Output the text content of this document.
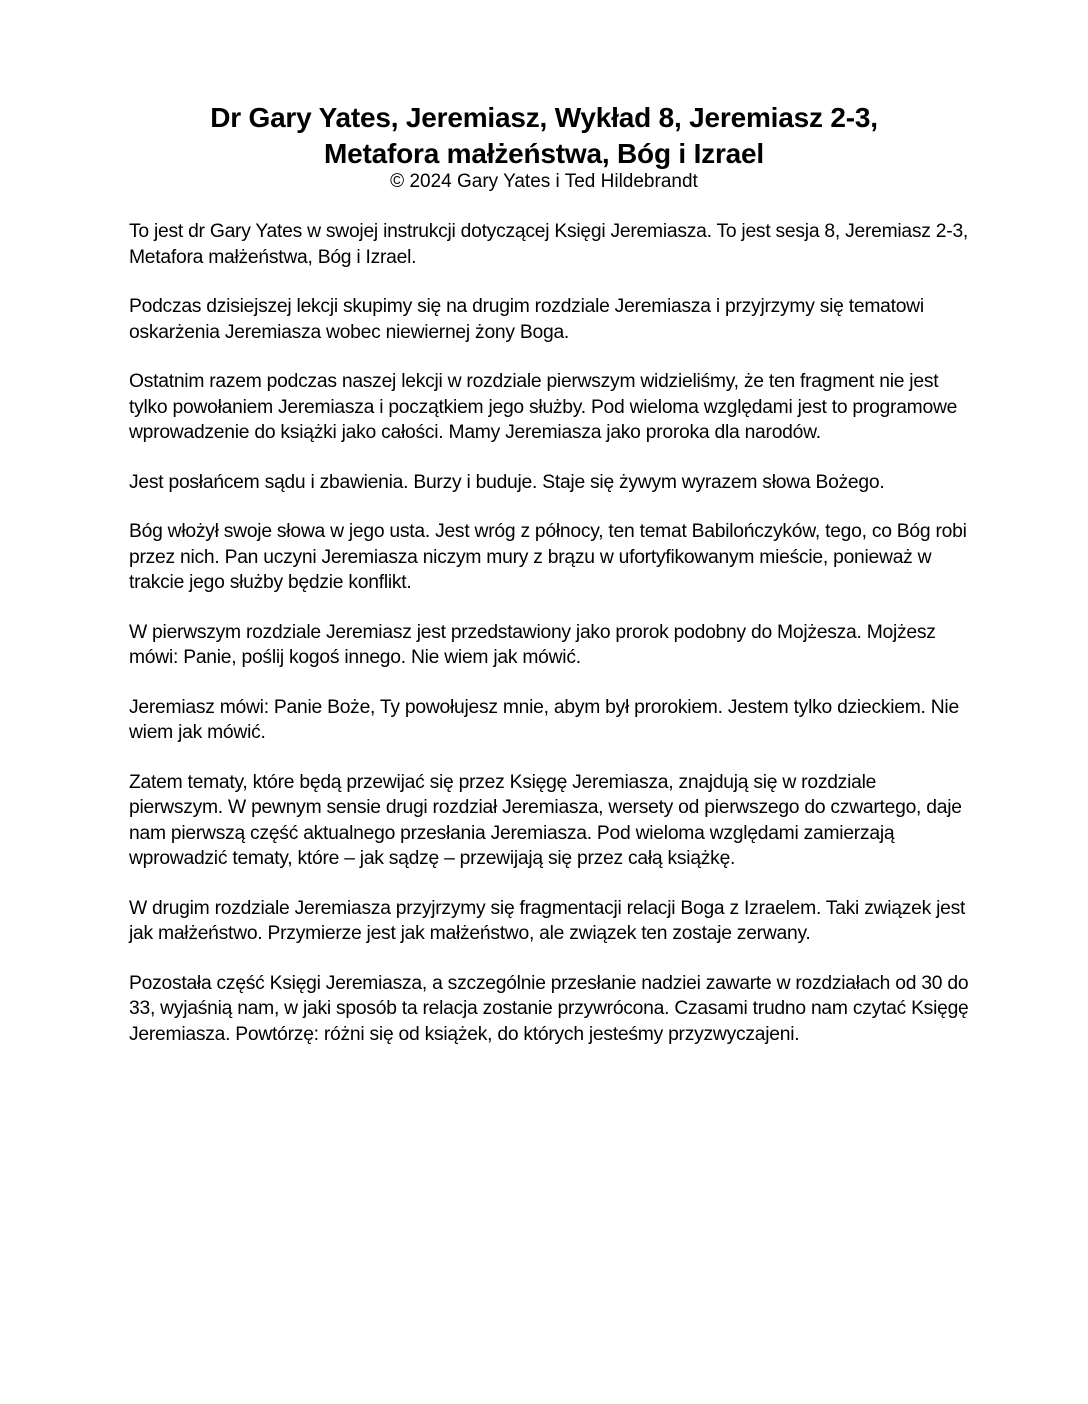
Dr Gary Yates, Jeremiasz, Wykład 8, Jeremiasz 2-3,
Metafora małżeństwa, Bóg i Izrael

© 2024 Gary Yates i Ted Hildebrandt

To jest dr Gary Yates w swojej instrukcji dotyczącej Księgi Jeremiasza. To jest sesja 8, Jeremiasz 2-3, Metafora małżeństwa, Bóg i Izrael.

Podczas dzisiejszej lekcji skupimy się na drugim rozdziale Jeremiasza i przyjrzymy się tematowi oskarżenia Jeremiasza wobec niewiernej żony Boga.

Ostatnim razem podczas naszej lekcji w rozdziale pierwszym widzieliśmy, że ten fragment nie jest tylko powołaniem Jeremiasza i początkiem jego służby. Pod wieloma względami jest to programowe wprowadzenie do książki jako całości. Mamy Jeremiasza jako proroka dla narodów.

Jest posłańcem sądu i zbawienia. Burzy i buduje. Staje się żywym wyrazem słowa Bożego.

Bóg włożył swoje słowa w jego usta. Jest wróg z północy, ten temat Babilończyków, tego, co Bóg robi przez nich. Pan uczyni Jeremiasza niczym mury z brązu w ufortyfikowanym mieście, ponieważ w trakcie jego służby będzie konflikt.

W pierwszym rozdziale Jeremiasz jest przedstawiony jako prorok podobny do Mojżesza. Mojżesz mówi: Panie, poślij kogoś innego. Nie wiem jak mówić.

Jeremiasz mówi: Panie Boże, Ty powołujesz mnie, abym był prorokiem. Jestem tylko dzieckiem. Nie wiem jak mówić.

Zatem tematy, które będą przewijać się przez Księgę Jeremiasza, znajdują się w rozdziale pierwszym. W pewnym sensie drugi rozdział Jeremiasza, wersety od pierwszego do czwartego, daje nam pierwszą część aktualnego przesłania Jeremiasza. Pod wieloma względami zamierzają wprowadzić tematy, które – jak sądzę – przewijają się przez całą książkę.

W drugim rozdziale Jeremiasza przyjrzymy się fragmentacji relacji Boga z Izraelem. Taki związek jest jak małżeństwo. Przymierze jest jak małżeństwo, ale związek ten zostaje zerwany.

Pozostała część Księgi Jeremiasza, a szczególnie przesłanie nadziei zawarte w rozdziałach od 30 do 33, wyjaśnią nam, w jaki sposób ta relacja zostanie przywrócona. Czasami trudno nam czytać Księgę Jeremiasza. Powtórzę: różni się od książek, do których jesteśmy przyzwyczajeni.
